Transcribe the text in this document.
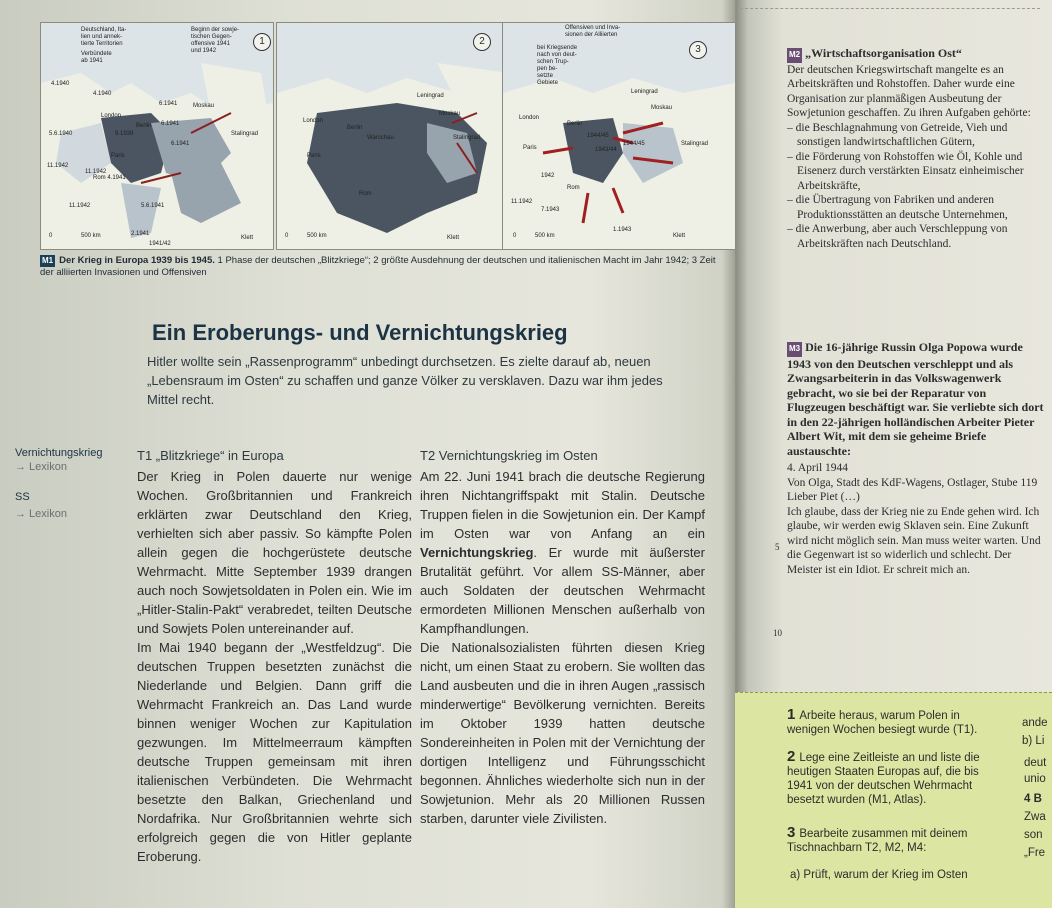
1
Deutschland, Ita-
lien und annek-
tierte Territorien
Verbündete
ab 1941
Beginn der sowje-
tischen Gegen-
offensive 1941
und 1942
4.1940
4.1940
6.1941
6.1941
9.1939
6.1941
5.6.1940
11.1942
11.1942
11.1942
Rom 4.1941
5.6.1941
2.1941
1941/42
Moskau
Stalingrad
Berlin
London
Paris
Klett
0	500 km
2
Leningrad
Moskau
London
Berlin
Warschau	Stalingrad
Paris
Rom
Klett
0	500 km
3
Offensiven und Inva-
sionen der Alliierten
bei Kriegsende
nach von deut-
schen Trup-
pen be-
setzte
Gebiete
Leningrad
Moskau
London
Berlin
Paris
Stalingrad
1944/45
1944/45
1943/44
1942
11.1942
7.1943
1.1943
Rom
Klett
0	500 km
M1 Der Krieg in Europa 1939 bis 1945. 1 Phase der deutschen „Blitzkriege“; 2 größte Ausdehnung der deutschen und italienischen Macht im Jahr 1942; 3 Zeit der alliierten Invasionen und Offensiven
Ein Eroberungs- und Vernichtungskrieg
Hitler wollte sein „Rassenprogramm“ unbedingt durchsetzen. Es zielte darauf ab, neuen „Lebensraum im Osten“ zu schaffen und ganze Völker zu versklaven. Dazu war ihm jedes Mittel recht.
Vernichtungskrieg
→ Lexikon
SS
→ Lexikon
T1 „Blitzkriege“ in Europa

Der Krieg in Polen dauerte nur wenige Wochen. Großbritannien und Frankreich erklärten zwar Deutschland den Krieg, verhielten sich aber passiv. So kämpfte Polen allein gegen die hochgerüstete deutsche Wehrmacht. Mitte September 1939 drangen auch noch Sowjetsoldaten in Polen ein. Wie im „Hitler-Stalin-Pakt“ verabredet, teilten Deutsche und Sowjets Polen untereinander auf.

Im Mai 1940 begann der „Westfeldzug“. Die deutschen Truppen besetzten zunächst die Niederlande und Belgien. Dann griff die Wehrmacht Frankreich an. Das Land wurde binnen weniger Wochen zur Kapitulation gezwungen. Im Mittelmeerraum kämpften deutsche Truppen gemeinsam mit ihren italienischen Verbündeten. Die Wehrmacht besetzte den Balkan, Griechenland und Nordafrika. Nur Großbritannien wehrte sich erfolgreich gegen die von Hitler geplante Eroberung.

T2 Vernichtungskrieg im Osten

Am 22. Juni 1941 brach die deutsche Regierung ihren Nichtangriffspakt mit Stalin. Deutsche Truppen fielen in die Sowjetunion ein. Der Kampf im Osten war von Anfang an ein Vernichtungskrieg. Er wurde mit äußerster Brutalität geführt. Vor allem SS-Männer, aber auch Soldaten der deutschen Wehrmacht ermordeten Millionen Menschen außerhalb von Kampfhandlungen.

Die Nationalsozialisten führten diesen Krieg nicht, um einen Staat zu erobern. Sie wollten das Land ausbeuten und die in ihren Augen „rassisch minderwertige“ Bevölkerung vernichten. Bereits im Oktober 1939 hatten deutsche Sondereinheiten in Polen mit der Vernichtung der dortigen Intelligenz und Führungsschicht begonnen. Ähnliches wiederholte sich nun in der Sowjetunion. Mehr als 20 Millionen Russen starben, darunter viele Zivilisten.

M2 „Wirtschaftsorganisation Ost“
Der deutschen Kriegswirtschaft mangelte es an Arbeitskräften und Rohstoffen. Daher wurde eine Organisation zur planmäßigen Ausbeutung der Sowjetunion geschaffen. Zu ihren Aufgaben gehörte:
– die Beschlagnahmung von Getreide, Vieh und sonstigen landwirtschaftlichen Gütern,
– die Förderung von Rohstoffen wie Öl, Kohle und Eisenerz durch verstärkten Einsatz einheimischer Arbeitskräfte,
– die Übertragung von Fabriken und anderen Produktionsstätten an deutsche Unternehmen,
– die Anwerbung, aber auch Verschleppung von Arbeitskräften nach Deutschland.
M3 Die 16-jährige Russin Olga Popowa wurde 1943 von den Deutschen verschleppt und als Zwangsarbeiterin in das Volkswagenwerk gebracht, wo sie bei der Reparatur von Flugzeugen beschäftigt war. Sie verliebte sich dort in den 22-jährigen holländischen Arbeiter Pieter Albert Wit, mit dem sie geheime Briefe austauschte:
4. April 1944
Von Olga, Stadt des KdF-Wagens, Ostlager, Stube 119
Lieber Piet (…)
Ich glaube, dass der Krieg nie zu Ende gehen wird. Ich glaube, wir werden ewig Sklaven sein. Eine Zukunft wird nicht möglich sein. Man muss weiter warten. Und die Gegenwart ist so widerlich und schlecht. Der Meister ist ein Idiot. Er schreit mich an.
5
10
1 Arbeite heraus, warum Polen in wenigen Wochen besiegt wurde (T1).
2 Lege eine Zeitleiste an und liste die heutigen Staaten Europas auf, die bis 1941 von der deutschen Wehrmacht besetzt wurden (M1, Atlas).
3 Bearbeite zusammen mit deinem Tischnachbarn T2, M2, M4:
a) Prüft, warum der Krieg im Osten
ande
b) Li
deut
unio
4 B
Zwa
son
„Fre
